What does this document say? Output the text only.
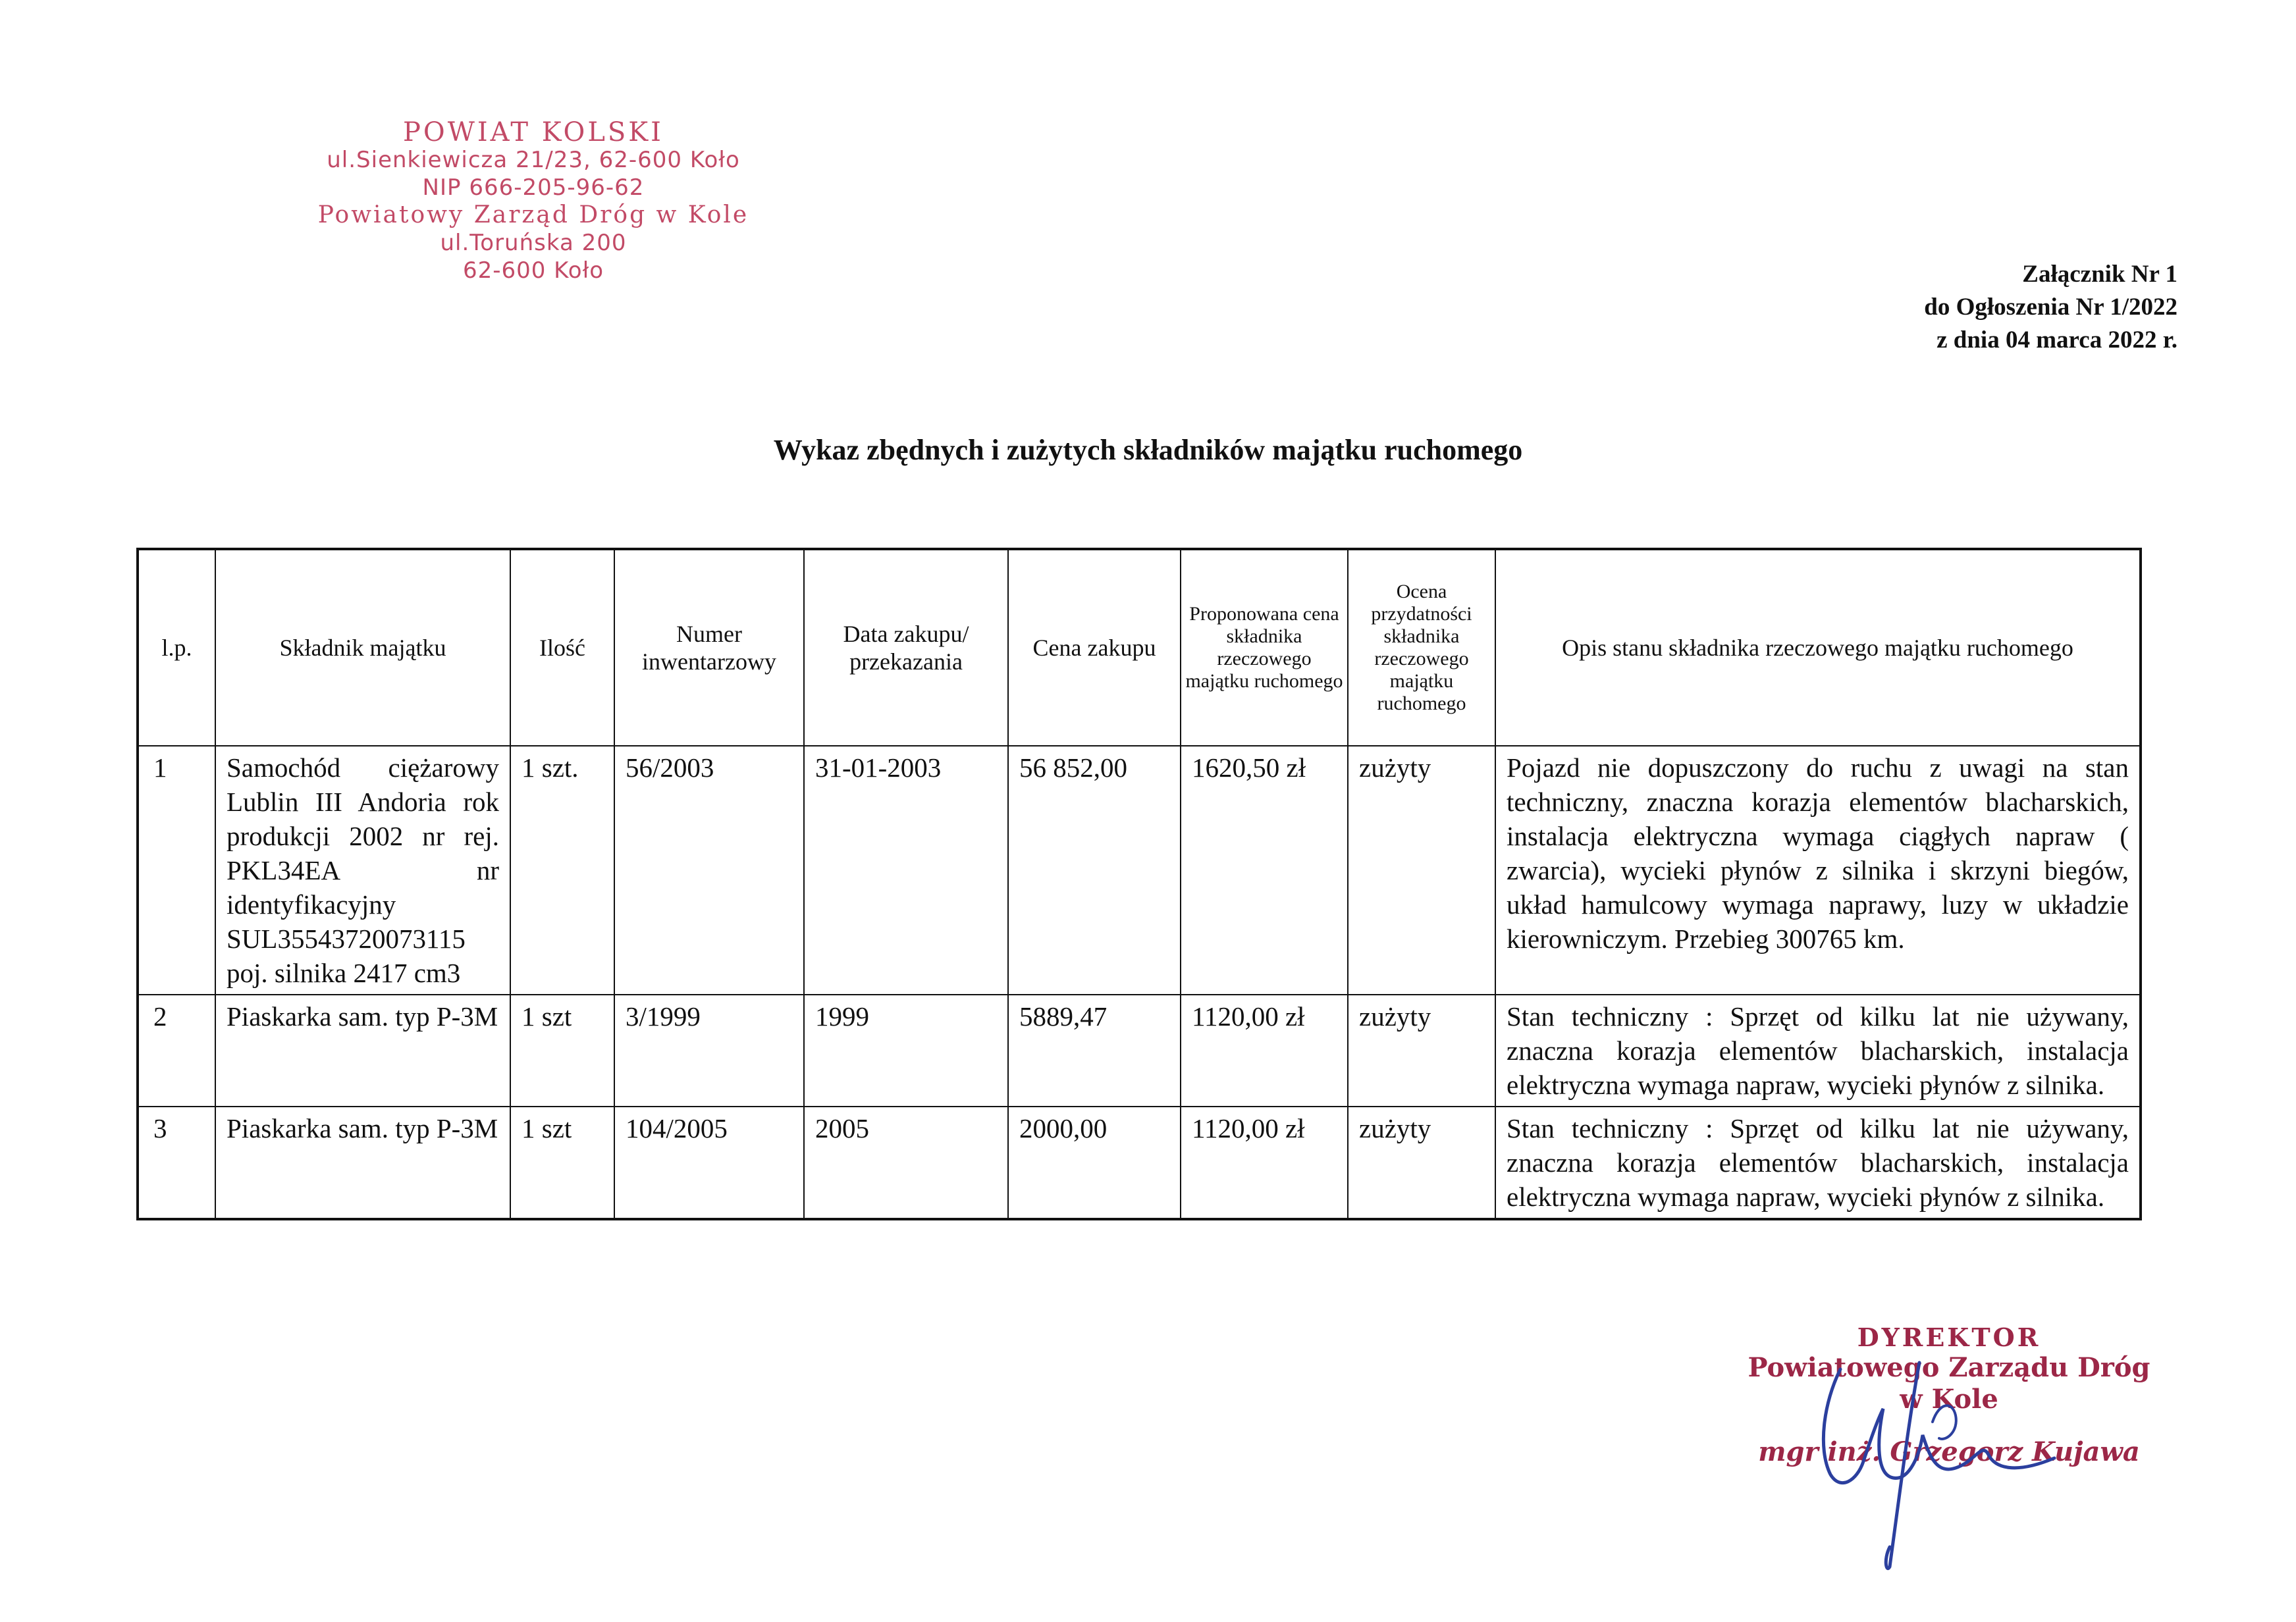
POWIAT KOLSKI
ul.Sienkiewicza 21/23, 62-600 Koło
NIP 666-205-96-62
Powiatowy Zarząd Dróg w Kole
ul.Toruńska 200
62-600 Koło	Załącznik Nr 1
do Ogłoszenia Nr 1/2022
z dnia 04 marca 2022 r.
Wykaz zbędnych i zużytych składników majątku ruchomego
l.p.	Składnik majątku	Ilość	Numer inwentarzowy	Data zakupu/ przekazania	Cena zakupu	Proponowana cena składnika rzeczowego majątku ruchomego	Ocena przydatności składnika rzeczowego majątku ruchomego	Opis stanu składnika rzeczowego majątku ruchomego
1	Samochód ciężarowy Lublin III Andoria rok produkcji 2002 nr rej. PKL34EA nr identyfikacyjny SUL35543720073115 poj. silnika 2417 cm3	1 szt.	56/2003	31-01-2003	56 852,00	1620,50 zł	zużyty	Pojazd nie dopuszczony do ruchu z uwagi na stan techniczny, znaczna korazja elementów blacharskich, instalacja elektryczna wymaga ciągłych napraw ( zwarcia), wycieki płynów z silnika i skrzyni biegów, układ hamulcowy wymaga naprawy, luzy w układzie kierowniczym. Przebieg 300765 km.
2	Piaskarka sam. typ P-3M	1 szt	3/1999	1999	5889,47	1120,00 zł	zużyty	Stan techniczny : Sprzęt od kilku lat nie używany, znaczna korazja elementów blacharskich, instalacja elektryczna wymaga napraw, wycieki płynów z silnika.
3	Piaskarka sam. typ P-3M	1 szt	104/2005	2005	2000,00	1120,00 zł	zużyty	Stan techniczny : Sprzęt od kilku lat nie używany, znaczna korazja elementów blacharskich, instalacja elektryczna wymaga napraw, wycieki płynów z silnika.
DYREKTOR
Powiatowego Zarządu Dróg
w Kole
mgr inż. Grzegorz Kujawa
